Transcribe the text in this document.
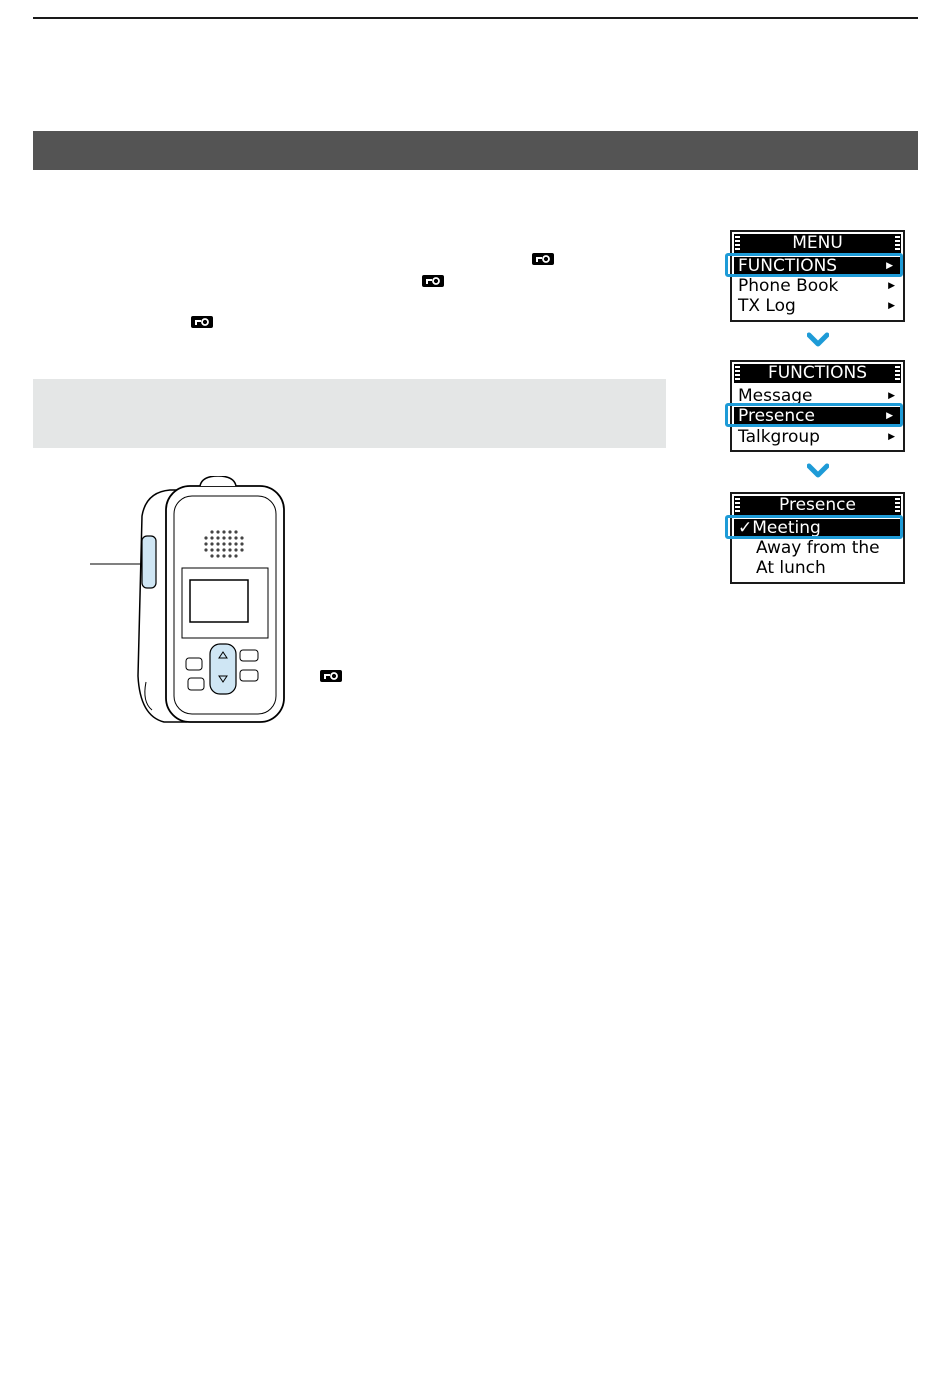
MENU
FUNCTIONS	▶
Phone Book	▶
TX Log	▶
FUNCTIONS
Message	▶
Presence	▶
Talkgroup	▶
Presence
✓Meeting
Away from the
At lunch
